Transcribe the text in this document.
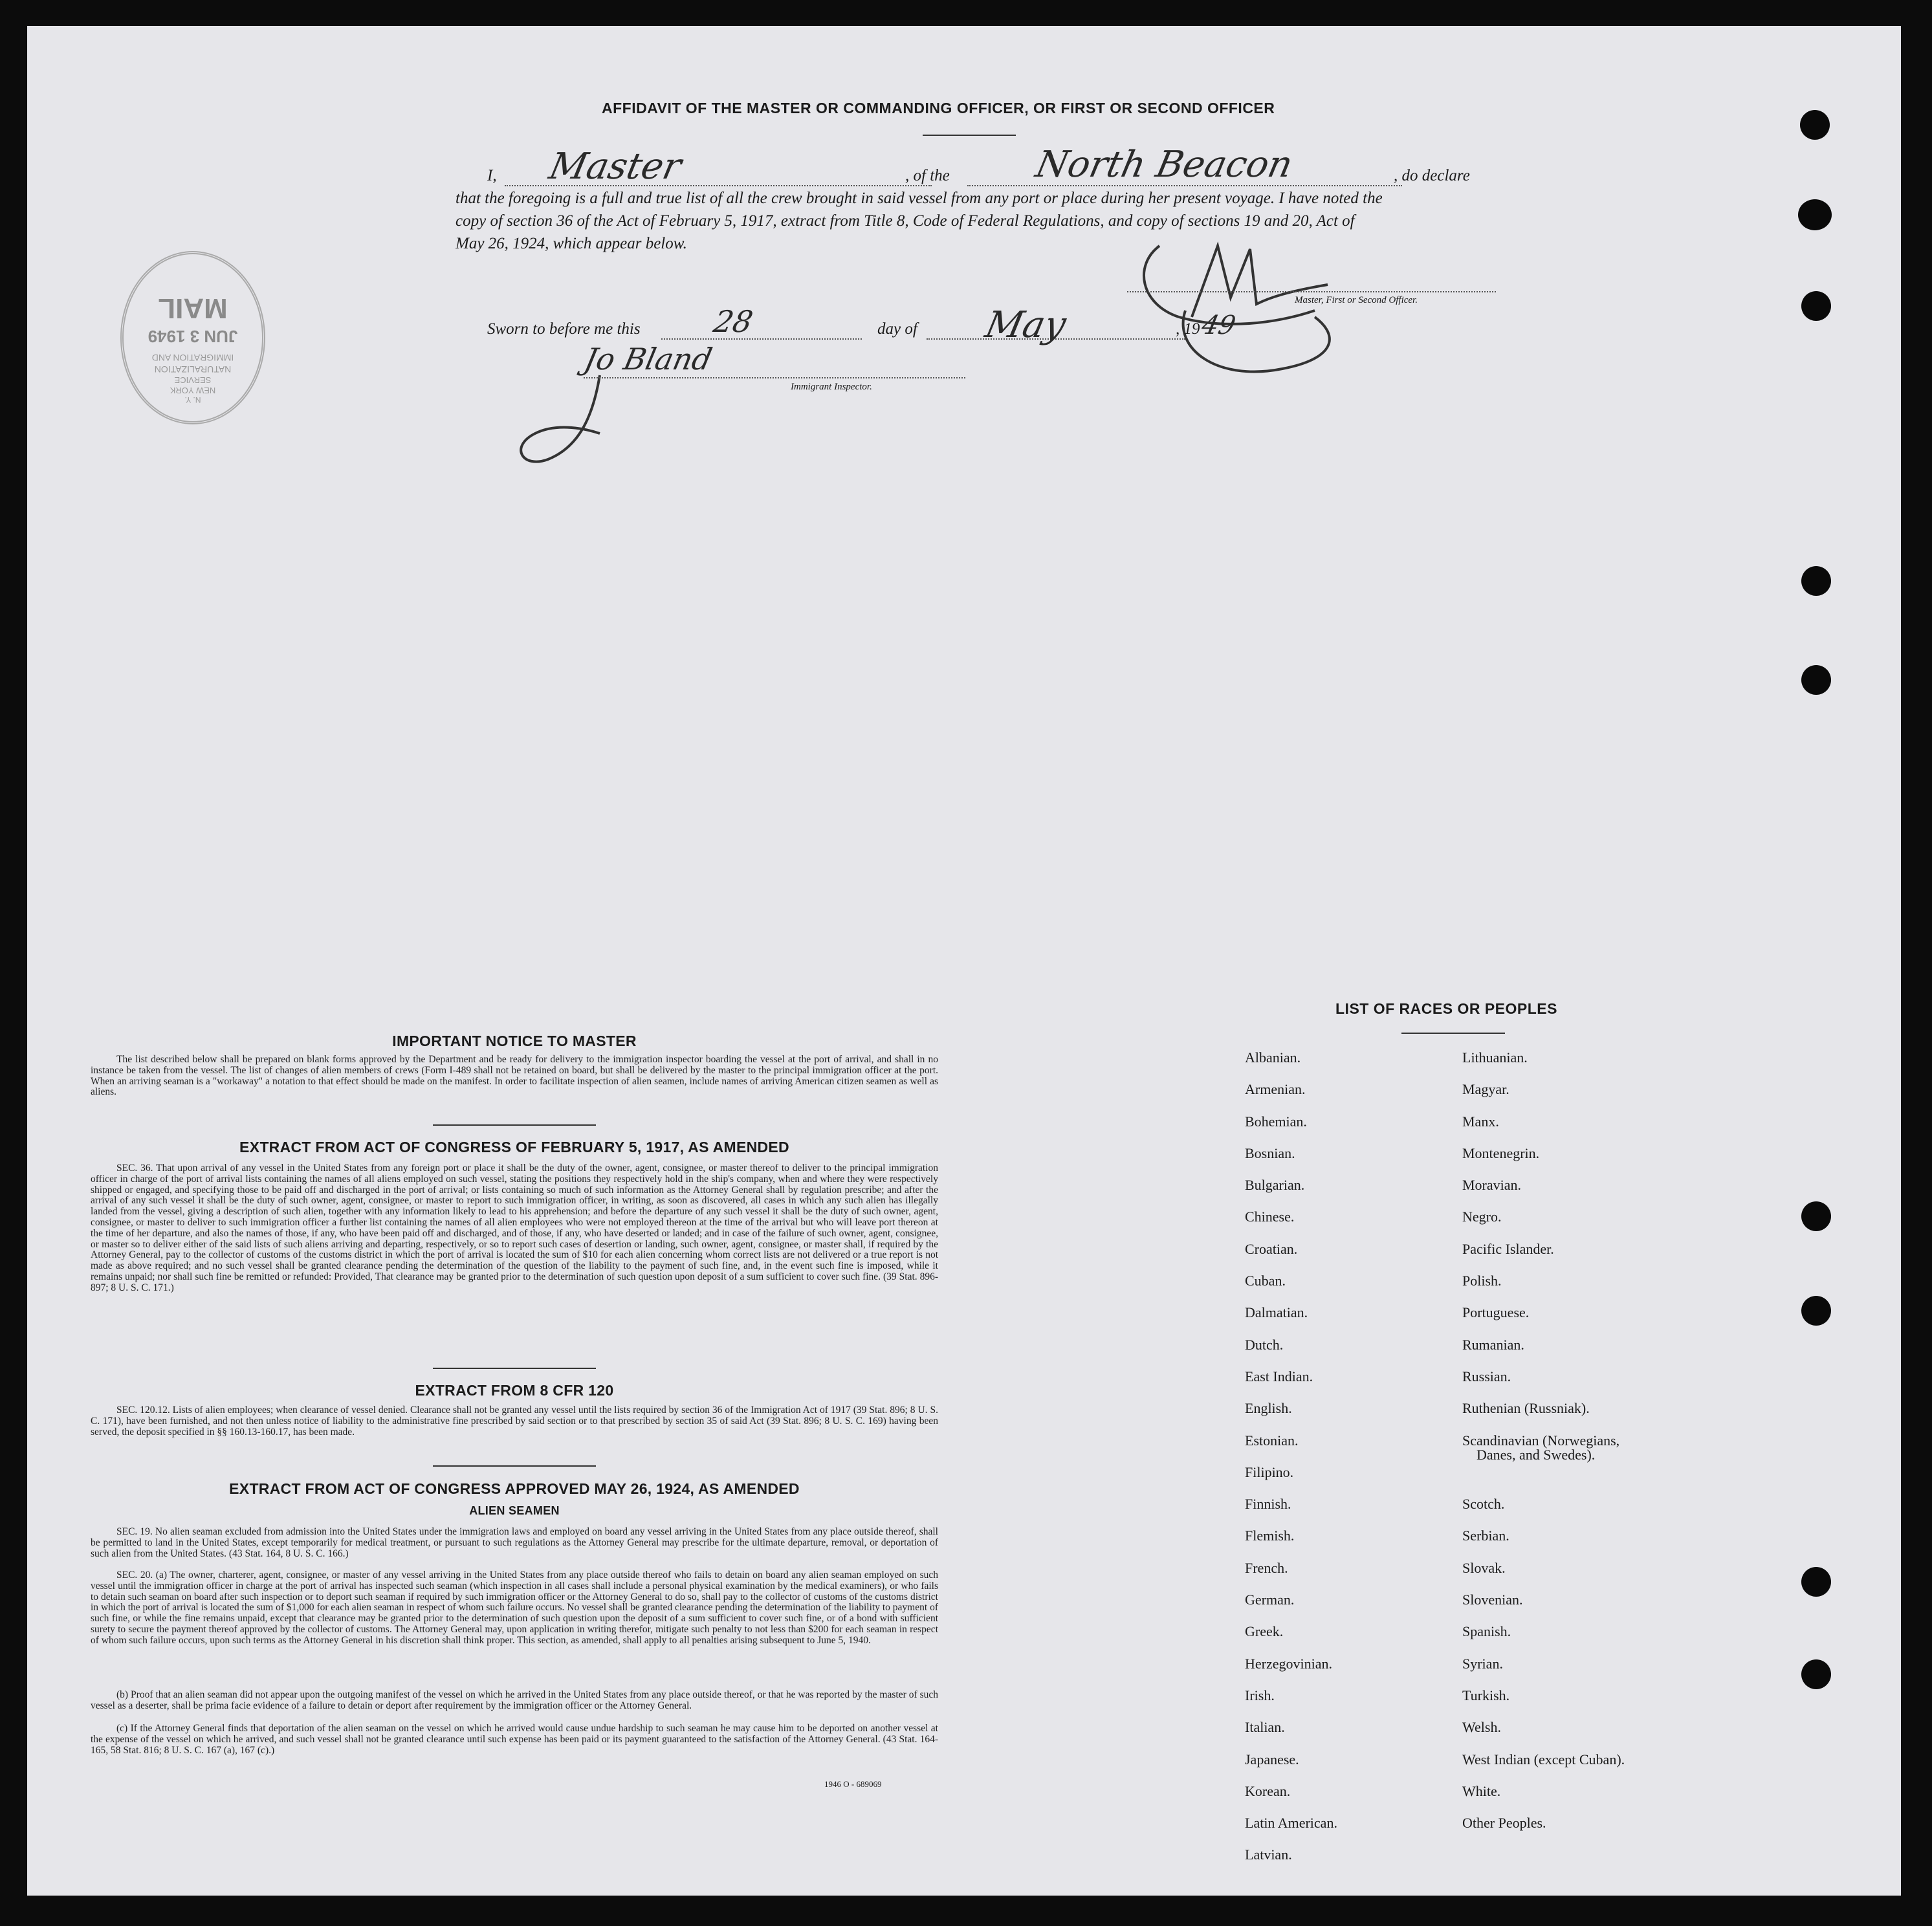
AFFIDAVIT OF THE MASTER OR COMMANDING OFFICER, OR FIRST OR SECOND OFFICER
I, Master	, of the North Beacon	, do declare
that the foregoing is a full and true list of all the crew brought in said vessel from any port or place during her present voyage. I have noted the
copy of section 36 of the Act of February 5, 1917, extract from Title 8, Code of Federal Regulations, and copy of sections 19 and 20, Act of
May 26, 1924, which appear below.
Master, First or Second Officer.
Sworn to before me this 28	day of May	, 19
49
Jo Bland
Immigrant Inspector.
MAIL
JUN 3 1949
IMMIGRATION AND
NATURALIZATION
SERVICE
NEW YORK
N. Y.
IMPORTANT NOTICE TO MASTER
The list described below shall be prepared on blank forms approved by the Department and be ready for delivery to the immigration inspector boarding the vessel at the port of arrival, and shall in no instance be taken from the vessel. The list of changes of alien members of crews (Form I-489 shall not be retained on board, but shall be delivered by the master to the principal immigration officer at the port. When an arriving seaman is a "workaway" a notation to that effect should be made on the manifest. In order to facilitate inspection of alien seamen, include names of arriving American citizen seamen as well as aliens.
EXTRACT FROM ACT OF CONGRESS OF FEBRUARY 5, 1917, AS AMENDED
SEC. 36. That upon arrival of any vessel in the United States from any foreign port or place it shall be the duty of the owner, agent, consignee, or master thereof to deliver to the principal immigration officer in charge of the port of arrival lists containing the names of all aliens employed on such vessel, stating the positions they respectively hold in the ship's company, when and where they were respectively shipped or engaged, and specifying those to be paid off and discharged in the port of arrival; or lists containing so much of such information as the Attorney General shall by regulation prescribe; and after the arrival of any such vessel it shall be the duty of such owner, agent, consignee, or master to report to such immigration officer, in writing, as soon as discovered, all cases in which any such alien has illegally landed from the vessel, giving a description of such alien, together with any information likely to lead to his apprehension; and before the departure of any such vessel it shall be the duty of such owner, agent, consignee, or master to deliver to such immigration officer a further list containing the names of all alien employees who were not employed thereon at the time of the arrival but who will leave port thereon at the time of her departure, and also the names of those, if any, who have been paid off and discharged, and of those, if any, who have deserted or landed; and in case of the failure of such owner, agent, consignee, or master so to deliver either of the said lists of such aliens arriving and departing, respectively, or so to report such cases of desertion or landing, such owner, agent, consignee, or master shall, if required by the Attorney General, pay to the collector of customs of the customs district in which the port of arrival is located the sum of $10 for each alien concerning whom correct lists are not delivered or a true report is not made as above required; and no such vessel shall be granted clearance pending the determination of the question of the liability to the payment of such fine, and, in the event such fine is imposed, while it remains unpaid; nor shall such fine be remitted or refunded: Provided, That clearance may be granted prior to the determination of such question upon deposit of a sum sufficient to cover such fine. (39 Stat. 896-897; 8 U. S. C. 171.)
EXTRACT FROM 8 CFR 120
SEC. 120.12. Lists of alien employees; when clearance of vessel denied. Clearance shall not be granted any vessel until the lists required by section 36 of the Immigration Act of 1917 (39 Stat. 896; 8 U. S. C. 171), have been furnished, and not then unless notice of liability to the administrative fine prescribed by said section or to that prescribed by section 35 of said Act (39 Stat. 896; 8 U. S. C. 169) having been served, the deposit specified in §§ 160.13-160.17, has been made.
EXTRACT FROM ACT OF CONGRESS APPROVED MAY 26, 1924, AS AMENDED
ALIEN SEAMEN
SEC. 19. No alien seaman excluded from admission into the United States under the immigration laws and employed on board any vessel arriving in the United States from any place outside thereof, shall be permitted to land in the United States, except temporarily for medical treatment, or pursuant to such regulations as the Attorney General may prescribe for the ultimate departure, removal, or deportation of such alien from the United States. (43 Stat. 164, 8 U. S. C. 166.)
SEC. 20. (a) The owner, charterer, agent, consignee, or master of any vessel arriving in the United States from any place outside thereof who fails to detain on board any alien seaman employed on such vessel until the immigration officer in charge at the port of arrival has inspected such seaman (which inspection in all cases shall include a personal physical examination by the medical examiners), or who fails to detain such seaman on board after such inspection or to deport such seaman if required by such immigration officer or the Attorney General to do so, shall pay to the collector of customs of the customs district in which the port of arrival is located the sum of $1,000 for each alien seaman in respect of whom such failure occurs. No vessel shall be granted clearance pending the determination of the liability to payment of such fine, or while the fine remains unpaid, except that clearance may be granted prior to the determination of such question upon the deposit of a sum sufficient to cover such fine, or of a bond with sufficient surety to secure the payment thereof approved by the collector of customs. The Attorney General may, upon application in writing therefor, mitigate such penalty to not less than $200 for each seaman in respect of whom such failure occurs, upon such terms as the Attorney General in his discretion shall think proper. This section, as amended, shall apply to all penalties arising subsequent to June 5, 1940.
(b) Proof that an alien seaman did not appear upon the outgoing manifest of the vessel on which he arrived in the United States from any place outside thereof, or that he was reported by the master of such vessel as a deserter, shall be prima facie evidence of a failure to detain or deport after requirement by the immigration officer or the Attorney General.
(c) If the Attorney General finds that deportation of the alien seaman on the vessel on which he arrived would cause undue hardship to such seaman he may cause him to be deported on another vessel at the expense of the vessel on which he arrived, and such vessel shall not be granted clearance until such expense has been paid or its payment guaranteed to the satisfaction of the Attorney General. (43 Stat. 164-165, 58 Stat. 816; 8 U. S. C. 167 (a), 167 (c).)
1946 O - 689069
LIST OF RACES OR PEOPLES
Albanian.
Armenian.
Bohemian.
Bosnian.
Bulgarian.
Chinese.
Croatian.
Cuban.
Dalmatian.
Dutch.
East Indian.
English.
Estonian.
Filipino.
Finnish.
Flemish.
French.
German.
Greek.
Herzegovinian.
Irish.
Italian.
Japanese.
Korean.
Latin American.
Latvian.
Lithuanian.
Magyar.
Manx.
Montenegrin.
Moravian.
Negro.
Pacific Islander.
Polish.
Portuguese.
Rumanian.
Russian.
Ruthenian (Russniak).
Scandinavian (Norwegians,
Scotch.
Serbian.
Slovak.
Slovenian.
Spanish.
Syrian.
Turkish.
Welsh.
West Indian (except Cuban).
White.
Other Peoples.
Danes, and Swedes).
